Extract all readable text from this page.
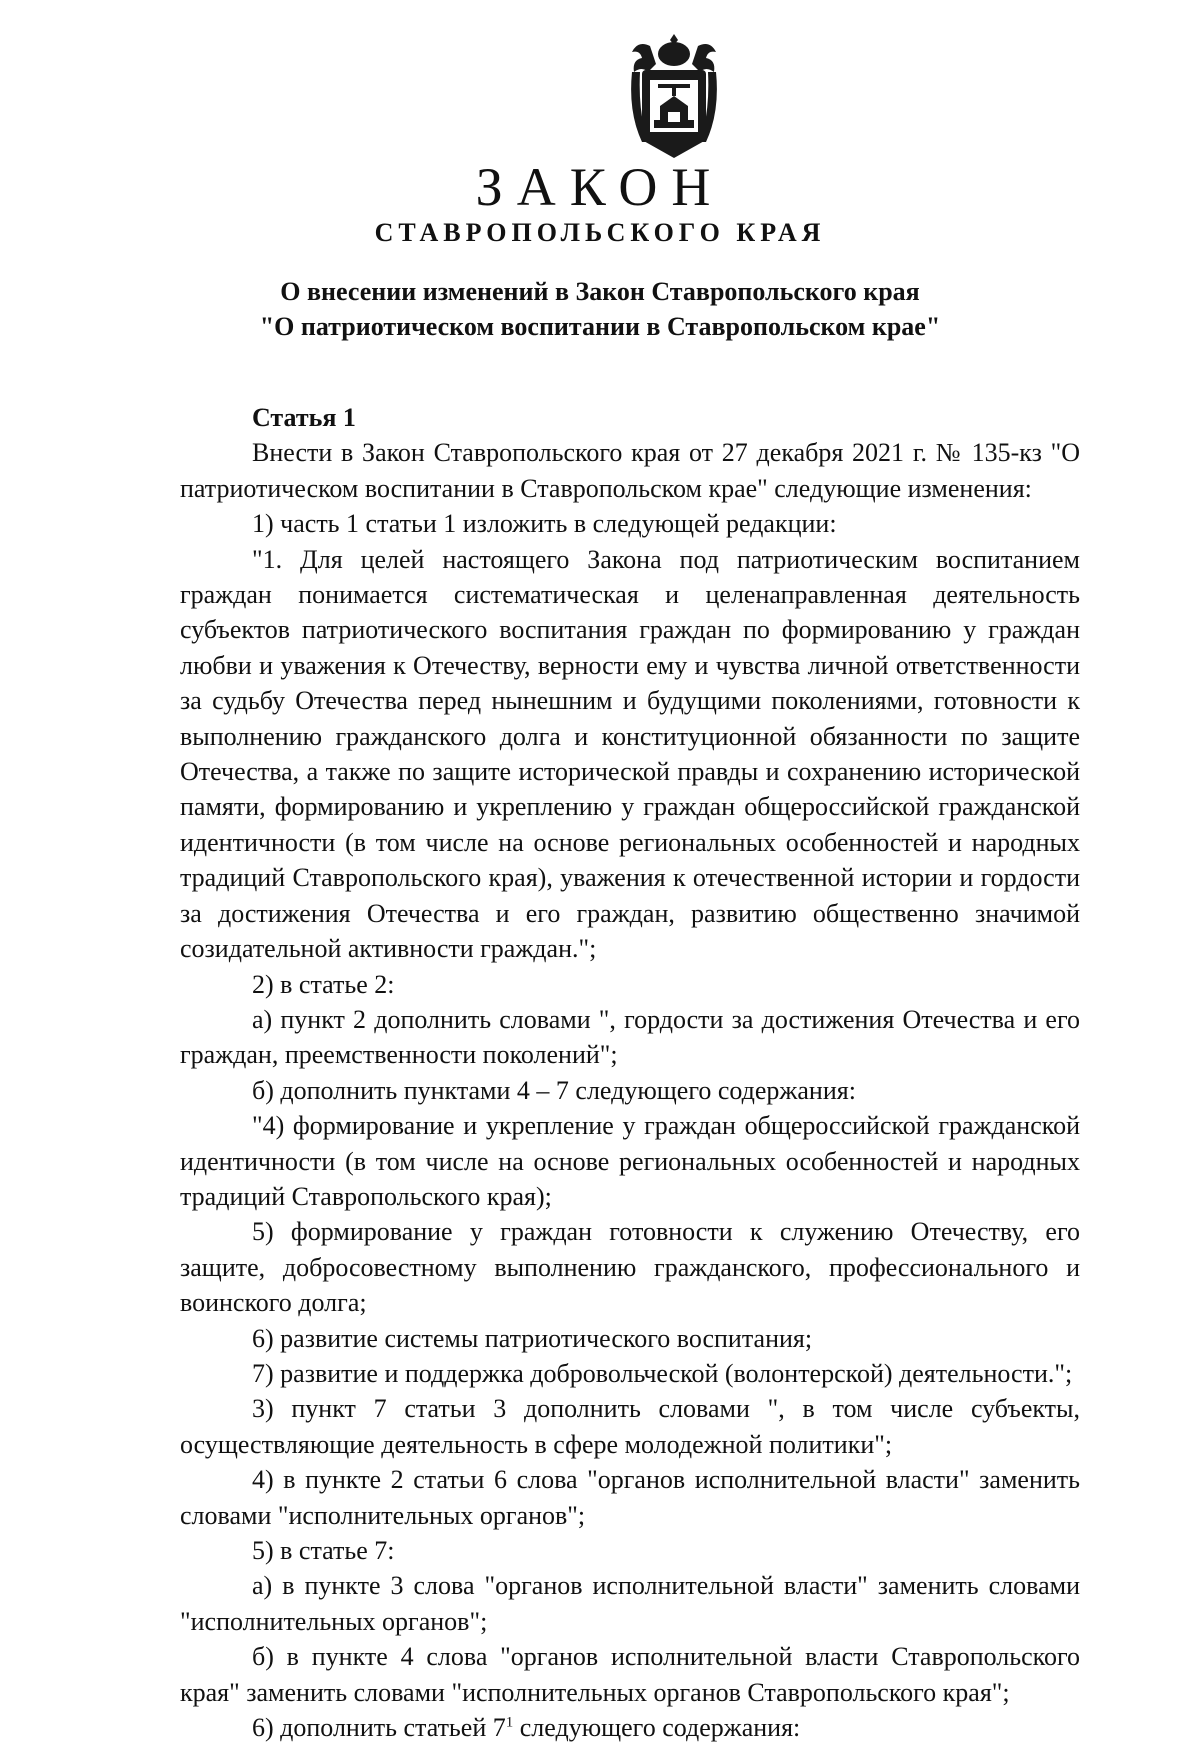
ЗАКОН
СТАВРОПОЛЬСКОГО КРАЯ
О внесении изменений в Закон Ставропольского края
"О патриотическом воспитании в Ставропольском крае"

Статья 1

Внести в Закон Ставропольского края от 27 декабря 2021 г. № 135-кз "О патриотическом воспитании в Ставропольском крае" следующие изменения:

1) часть 1 статьи 1 изложить в следующей редакции:

"1. Для целей настоящего Закона под патриотическим воспитанием граждан понимается систематическая и целенаправленная деятельность субъектов патриотического воспитания граждан по формированию у граждан любви и уважения к Отечеству, верности ему и чувства личной ответственности за судьбу Отечества перед нынешним и будущими поколениями, готовности к выполнению гражданского долга и конституционной обязанности по защите Отечества, а также по защите исторической правды и сохранению исторической памяти, формированию и укреплению у граждан общероссийской гражданской идентичности (в том числе на основе региональных особенностей и народных традиций Ставропольского края), уважения к отечественной истории и гордости за достижения Отечества и его граждан, развитию общественно значимой созидательной активности граждан.";

2) в статье 2:

а) пункт 2 дополнить словами ", гордости за достижения Отечества и его граждан, преемственности поколений";

б) дополнить пунктами 4 – 7 следующего содержания:

"4) формирование и укрепление у граждан общероссийской гражданской идентичности (в том числе на основе региональных особенностей и народных традиций Ставропольского края);

5) формирование у граждан готовности к служению Отечеству, его защите, добросовестному выполнению гражданского, профессионального и воинского долга;

6) развитие системы патриотического воспитания;

7) развитие и поддержка добровольческой (волонтерской) деятельности.";

3) пункт 7 статьи 3 дополнить словами ", в том числе субъекты, осуществляющие деятельность в сфере молодежной политики";

4) в пункте 2 статьи 6 слова "органов исполнительной власти" заменить словами "исполнительных органов";

5) в статье 7:

а) в пункте 3 слова "органов исполнительной власти" заменить словами "исполнительных органов";

б) в пункте 4 слова "органов исполнительной власти Ставропольского края" заменить словами "исполнительных органов Ставропольского края";

6) дополнить статьей $7^1$ следующего содержания:
